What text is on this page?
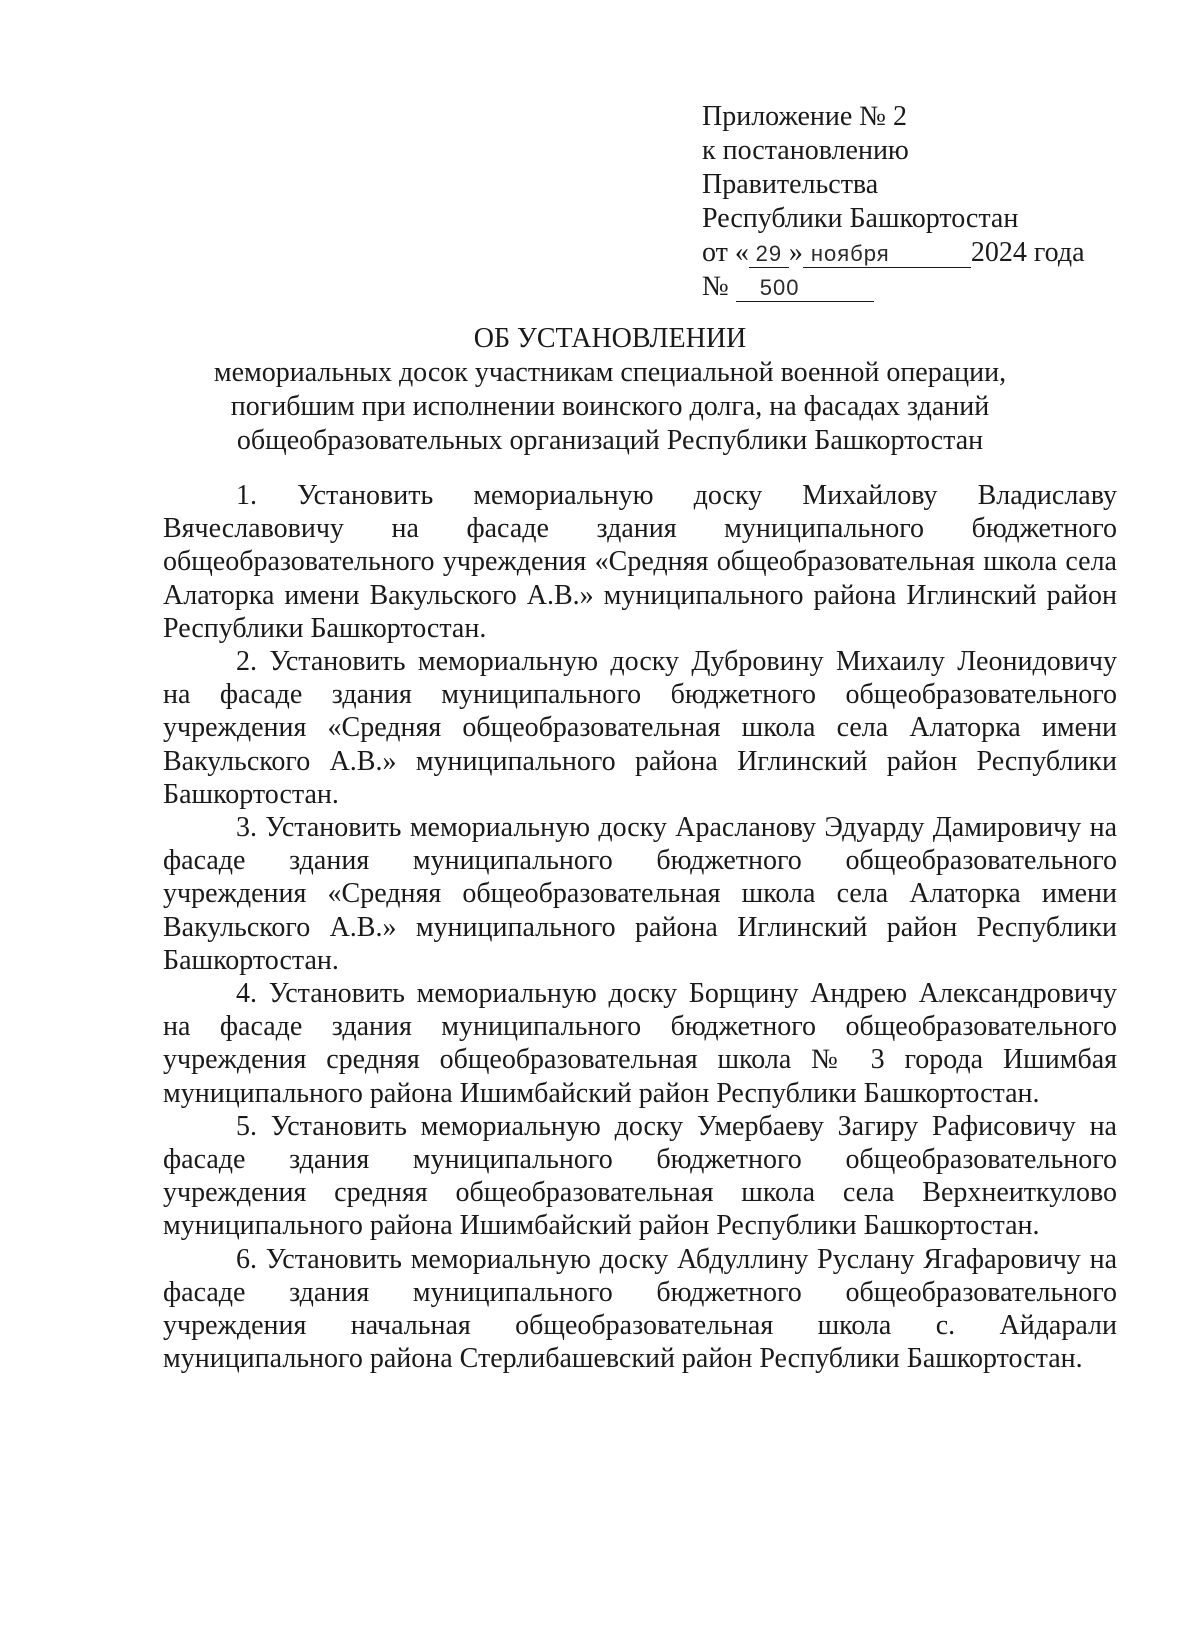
Приложение № 2
к постановлению
Правительства
Республики Башкортостан
от « 29 » ноября	2024 года
№ 500
ОБ УСТАНОВЛЕНИИ
мемориальных досок участникам специальной военной операции, погибшим при исполнении воинского долга, на фасадах зданий общеобразовательных организаций Республики Башкортостан

1. Установить мемориальную доску Михайлову Владиславу Вячеславовичу на фасаде здания муниципального бюджетного общеобразовательного учреждения «Средняя общеобразовательная школа села Алаторка имени Вакульского А.В.» муниципального района Иглинский район Республики Башкортостан.

2. Установить мемориальную доску Дубровину Михаилу Леонидовичу на фасаде здания муниципального бюджетного общеобразовательного учреждения «Средняя общеобразовательная школа села Алаторка имени Вакульского А.В.» муниципального района Иглинский район Республики Башкортостан.

3. Установить мемориальную доску Арасланову Эдуарду Дамировичу на фасаде здания муниципального бюджетного общеобразовательного учреждения «Средняя общеобразовательная школа села Алаторка имени Вакульского А.В.» муниципального района Иглинский район Республики Башкортостан.

4. Установить мемориальную доску Борщину Андрею Александровичу на фасаде здания муниципального бюджетного общеобразовательного учреждения средняя общеобразовательная школа № 3 города Ишимбая муниципального района Ишимбайский район Республики Башкортостан.

5. Установить мемориальную доску Умербаеву Загиру Рафисовичу на фасаде здания муниципального бюджетного общеобразовательного учреждения средняя общеобразовательная школа села Верхнеиткулово муниципального района Ишимбайский район Республики Башкортостан.

6. Установить мемориальную доску Абдуллину Руслану Ягафаровичу на фасаде здания муниципального бюджетного общеобразовательного учреждения начальная общеобразовательная школа с. Айдарали муниципального района Стерлибашевский район Республики Башкортостан.
